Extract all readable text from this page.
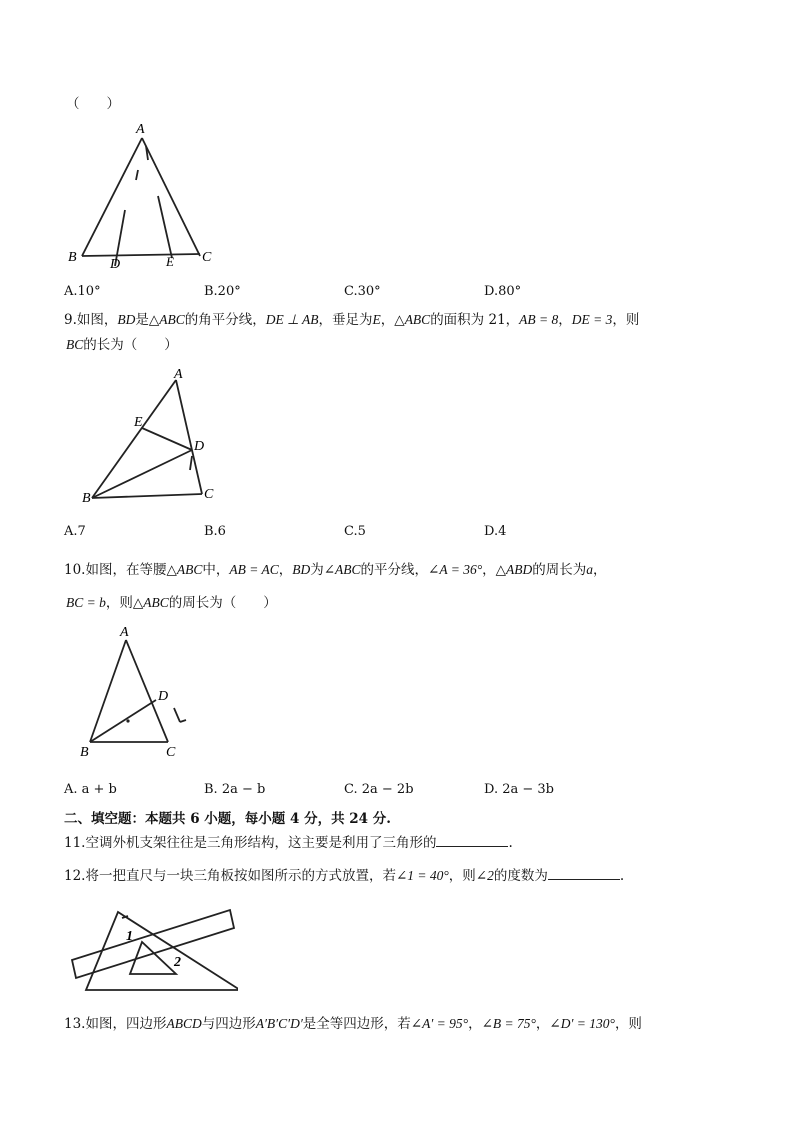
（　　）
A
B	C
D	E
A.10°	B.20°	C.30°	D.80°
9.如图，BD是△ABC的角平分线，DE ⊥ AB，垂足为E，△ABC的面积为 21，AB = 8，DE = 3，则
BC的长为（　　）
A
B	C
D
E
A.7	B.6	C.5	D.4
10.如图，在等腰△ABC中，AB = AC，BD为∠ABC的平分线，∠A = 36°，△ABD的周长为a，
BC = b，则△ABC的周长为（　　）
A
B	C
D
A. a + b	B. 2a − b	C. 2a − 2b	D. 2a − 3b
二、填空题：本题共 6 小题，每小题 4 分，共 24 分.
11.空调外机支架往往是三角形结构，这主要是利用了三角形的	.
12.将一把直尺与一块三角板按如图所示的方式放置，若∠1 = 40°，则∠2的度数为	.
1
2
13.如图，四边形ABCD与四边形A′B′C′D′是全等四边形，若∠A′ = 95°，∠B = 75°，∠D′ = 130°，则
